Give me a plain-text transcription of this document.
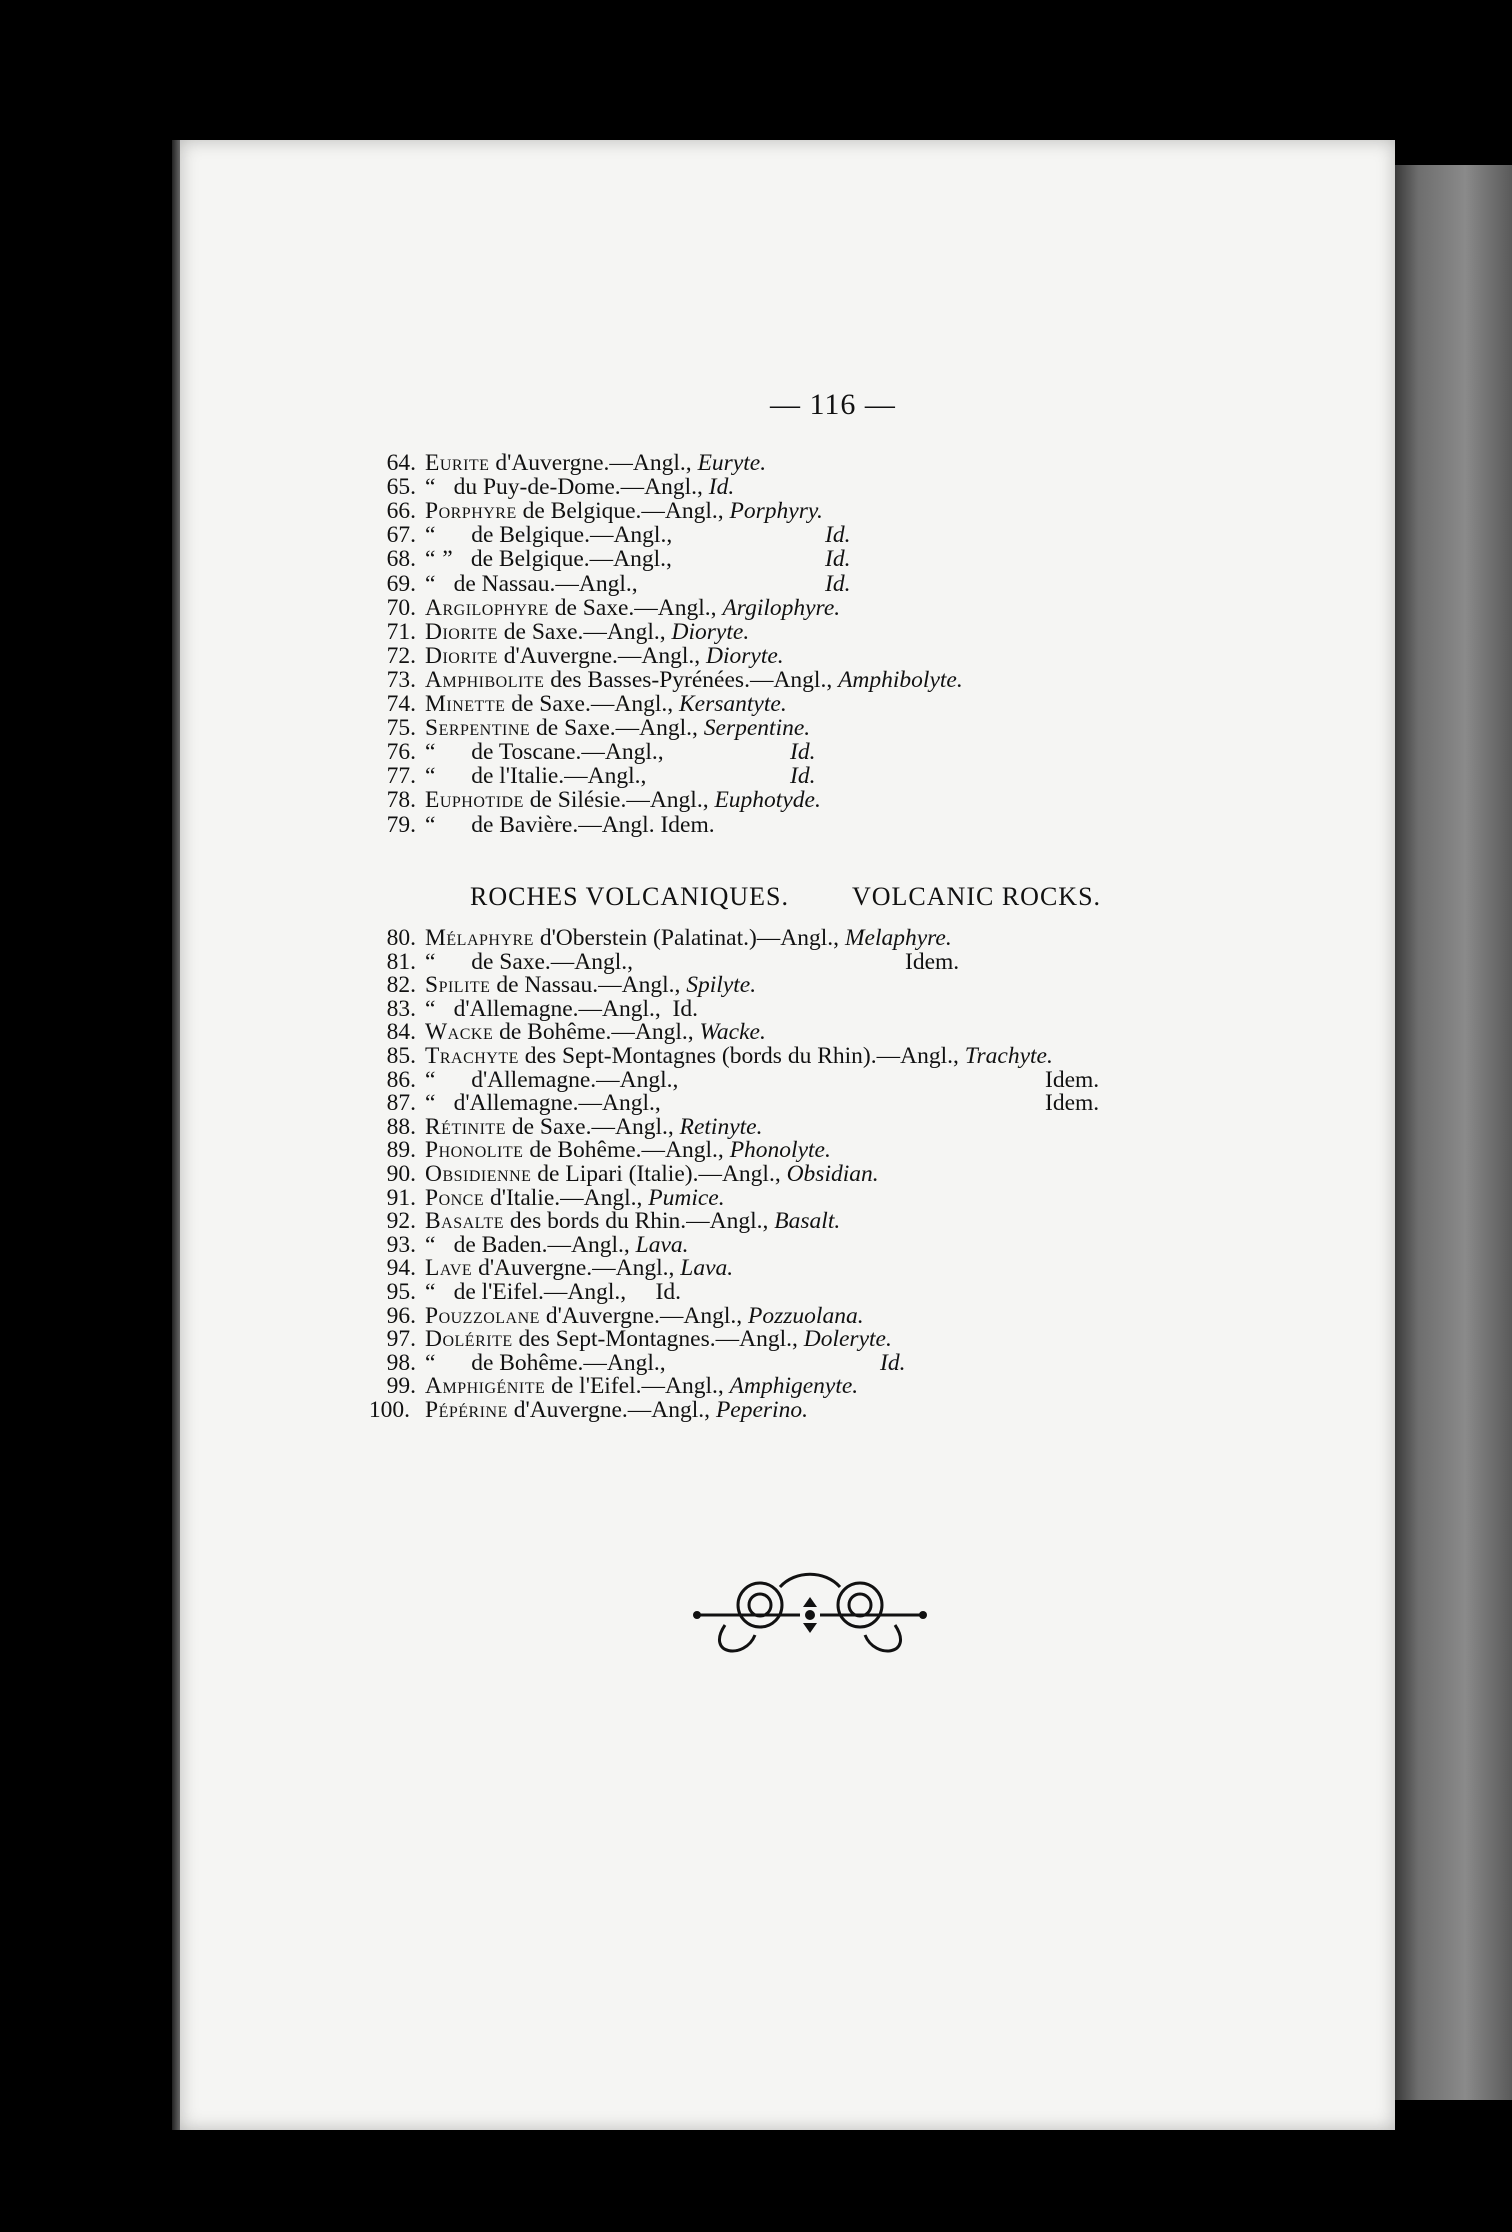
— 116 —
64. Eurite d'Auvergne.—Angl., Euryte.
65. “   du Puy-de-Dome.—Angl., Id.
66. Porphyre de Belgique.—Angl., Porphyry.
67. “      de Belgique.—Angl.,	Id.
68. “ ”   de Belgique.—Angl.,	Id.
69. “   de Nassau.—Angl.,	Id.
70. Argilophyre de Saxe.—Angl., Argilophyre.
71. Diorite de Saxe.—Angl., Dioryte.
72. Diorite d'Auvergne.—Angl., Dioryte.
73. Amphibolite des Basses-Pyrénées.—Angl., Amphibolyte.
74. Minette de Saxe.—Angl., Kersantyte.
75. Serpentine de Saxe.—Angl., Serpentine.
76. “      de Toscane.—Angl.,	Id.
77. “      de l'Italie.—Angl.,	Id.
78. Euphotide de Silésie.—Angl., Euphotyde.
79. “      de Bavière.—Angl. Idem.
80. Mélaphyre d'Oberstein (Palatinat.)—Angl., Melaphyre.
81. “      de Saxe.—Angl.,	Idem.
82. Spilite de Nassau.—Angl., Spilyte.
83. “   d'Allemagne.—Angl.,  Id.
84. Wacke de Bohême.—Angl., Wacke.
85. Trachyte des Sept-Montagnes (bords du Rhin).—Angl., Trachyte.
86. “      d'Allemagne.—Angl.,	Idem.
87. “   d'Allemagne.—Angl.,	Idem.
88. Rétinite de Saxe.—Angl., Retinyte.
89. Phonolite de Bohême.—Angl., Phonolyte.
90. Obsidienne de Lipari (Italie).—Angl., Obsidian.
91. Ponce d'Italie.—Angl., Pumice.
92. Basalte des bords du Rhin.—Angl., Basalt.
93. “   de Baden.—Angl., Lava.
94. Lave d'Auvergne.—Angl., Lava.
95. “   de l'Eifel.—Angl.,     Id.
96. Pouzzolane d'Auvergne.—Angl., Pozzuolana.
97. Dolérite des Sept-Montagnes.—Angl., Doleryte.
98. “      de Bohême.—Angl.,	Id.
99. Amphigénite de l'Eifel.—Angl., Amphigenyte.
100. Pépérine d'Auvergne.—Angl., Peperino.
ROCHES VOLCANIQUES. VOLCANIC ROCKS.
